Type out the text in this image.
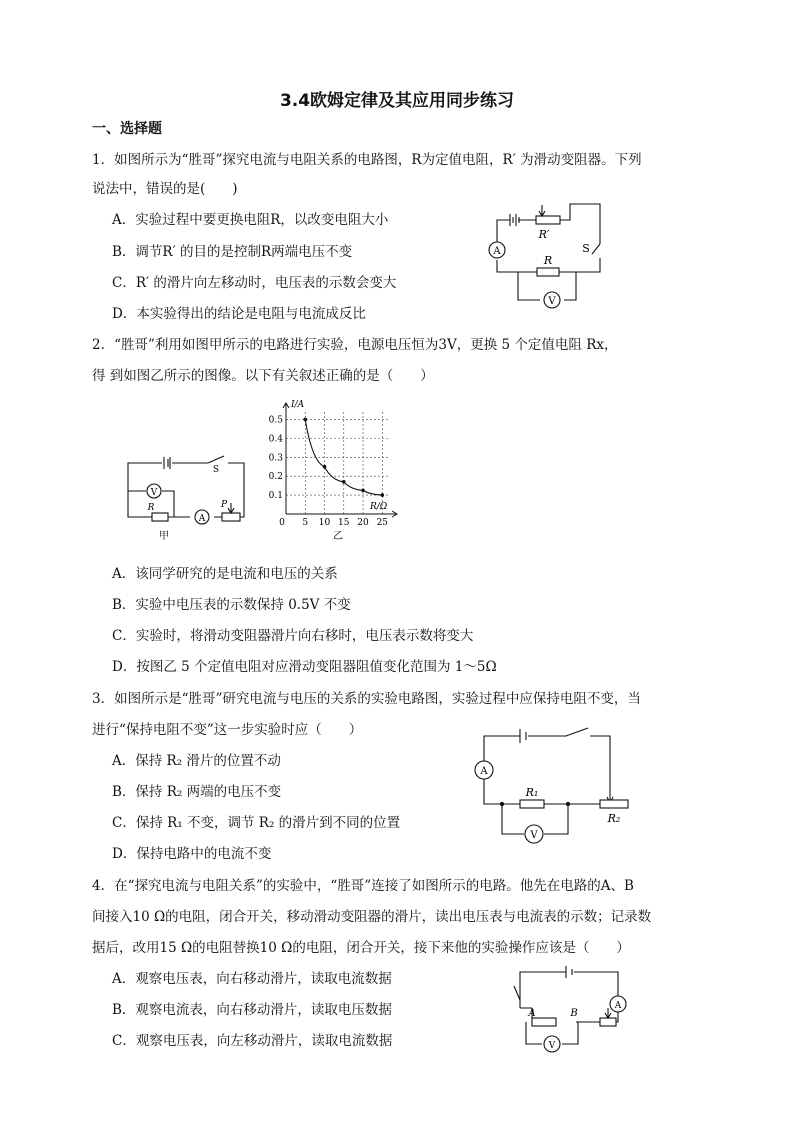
3.4欧姆定律及其应用同步练习
一、选择题
1．如图所示为“胜哥”探究电流与电阻关系的电路图，R为定值电阻，R′ 为滑动变阻器。下列
说法中，错误的是(　　)
A．实验过程中要更换电阻R，以改变电阻大小
B．调节R′ 的目的是控制R两端电压不变
C．R′ 的滑片向左移动时，电压表的示数会变大
D．本实验得出的结论是电阻与电流成反比
A
V
R
R′
S
2．“胜哥”利用如图甲所示的电路进行实验，电源电压恒为3V，更换 5 个定值电阻 Rx，
得 到如图乙所示的图像。以下有关叙述正确的是（　　）
V
A
S
R	P
甲
0 5 10 15 20 25
0.1
0.2
0.3
0.4
0.5
I/A
R/Ω
乙
A．该同学研究的是电流和电压的关系
B．实验中电压表的示数保持 0.5V 不变
C．实验时，将滑动变阻器滑片向右移时，电压表示数将变大
D．按图乙 5 个定值电阻对应滑动变阻器阻值变化范围为 1～5Ω
3．如图所示是“胜哥”研究电流与电压的关系的实验电路图，实验过程中应保持电阻不变，当
进行“保持电阻不变”这一步实验时应（　　）
A．保持 R₂ 滑片的位置不动
B．保持 R₂ 两端的电压不变
C．保持 R₁ 不变，调节 R₂ 的滑片到不同的位置
D．保持电路中的电流不变
A
V
R₁
R₂
4．在“探究电流与电阻关系”的实验中，“胜哥”连接了如图所示的电路。他先在电路的A、B
间接入10 Ω的电阻，闭合开关，移动滑动变阻器的滑片，读出电压表与电流表的示数；记录数
据后，改用15 Ω的电阻替换10 Ω的电阻，闭合开关，接下来他的实验操作应该是（　　）
A．观察电压表，向右移动滑片，读取电流数据
B．观察电流表，向右移动滑片，读取电压数据
C．观察电压表，向左移动滑片，读取电流数据
A
V
A	B
